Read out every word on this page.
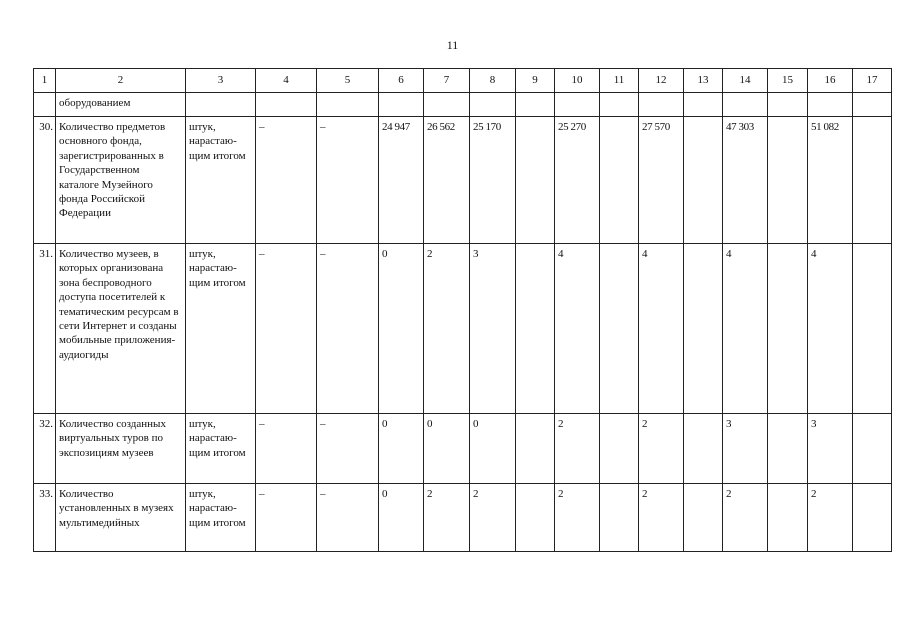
11
1	2	3	4	5	6	7	8	9	10	11	12	13	14	15	16	17
	оборудованием															
30.	Количество предметов основного фонда, зарегистрированных в Государственном каталоге Музейного фонда Российской Федерации	штук, нарастаю-щим итогом	–	–	24 947	26 562	25 170		25 270		27 570		47 303		51 082	
31.	Количество музеев, в которых организована зона беспроводного доступа посетителей к тематическим ресурсам в сети Интернет и созданы мобильные приложения-аудиогиды	штук, нарастаю-щим итогом	–	–	0	2	3		4		4		4		4	
32.	Количество созданных виртуальных туров по экспозициям музеев	штук, нарастаю-щим итогом	–	–	0	0	0		2		2		3		3	
33.	Количество установленных в музеях мультимедийных	штук, нарастаю-щим итогом	–	–	0	2	2		2		2		2		2	
